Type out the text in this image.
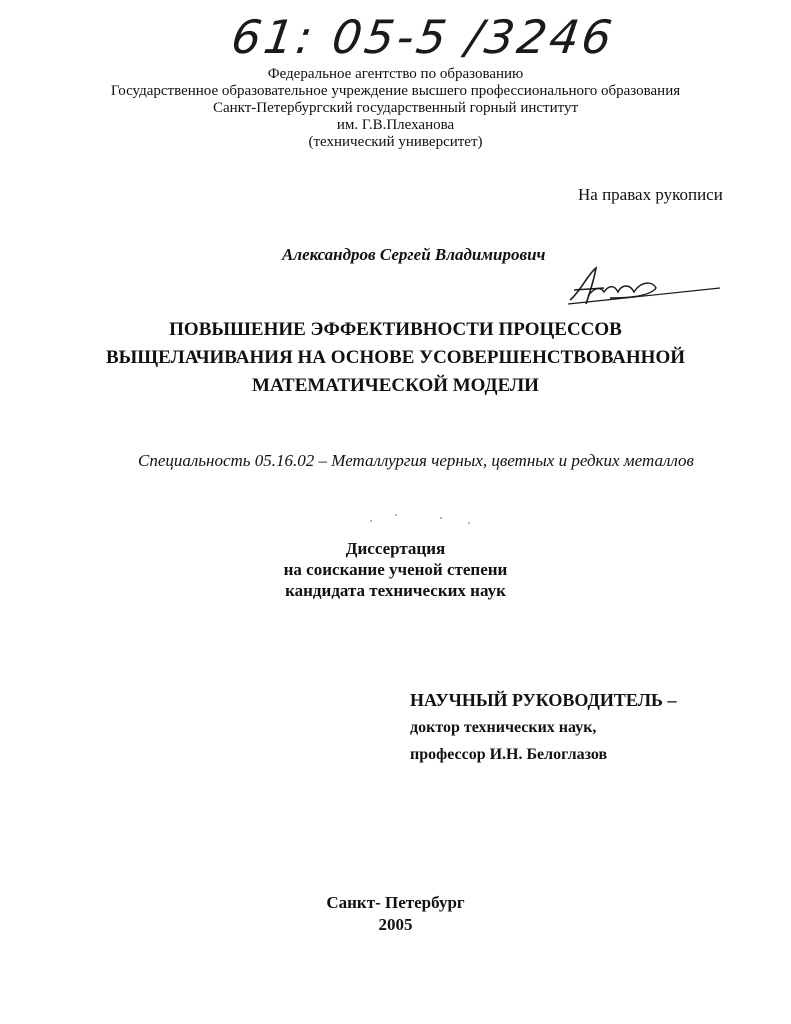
61: 05-5 /3246
Федеральное агентство по образованию
Государственное образовательное учреждение высшего профессионального образования
Санкт-Петербургский государственный горный институт
им. Г.В.Плеханова
(технический университет)
На правах рукописи
Александров Сергей Владимирович
ПОВЫШЕНИЕ ЭФФЕКТИВНОСТИ ПРОЦЕССОВ
ВЫЩЕЛАЧИВАНИЯ НА ОСНОВЕ УСОВЕРШЕНСТВОВАННОЙ
МАТЕМАТИЧЕСКОЙ МОДЕЛИ
Специальность 05.16.02 – Металлургия черных, цветных и редких металлов
Диссертация
на соискание ученой степени
кандидата технических наук
НАУЧНЫЙ РУКОВОДИТЕЛЬ –
доктор технических наук,
профессор И.Н. Белоглазов
Санкт- Петербург
2005
